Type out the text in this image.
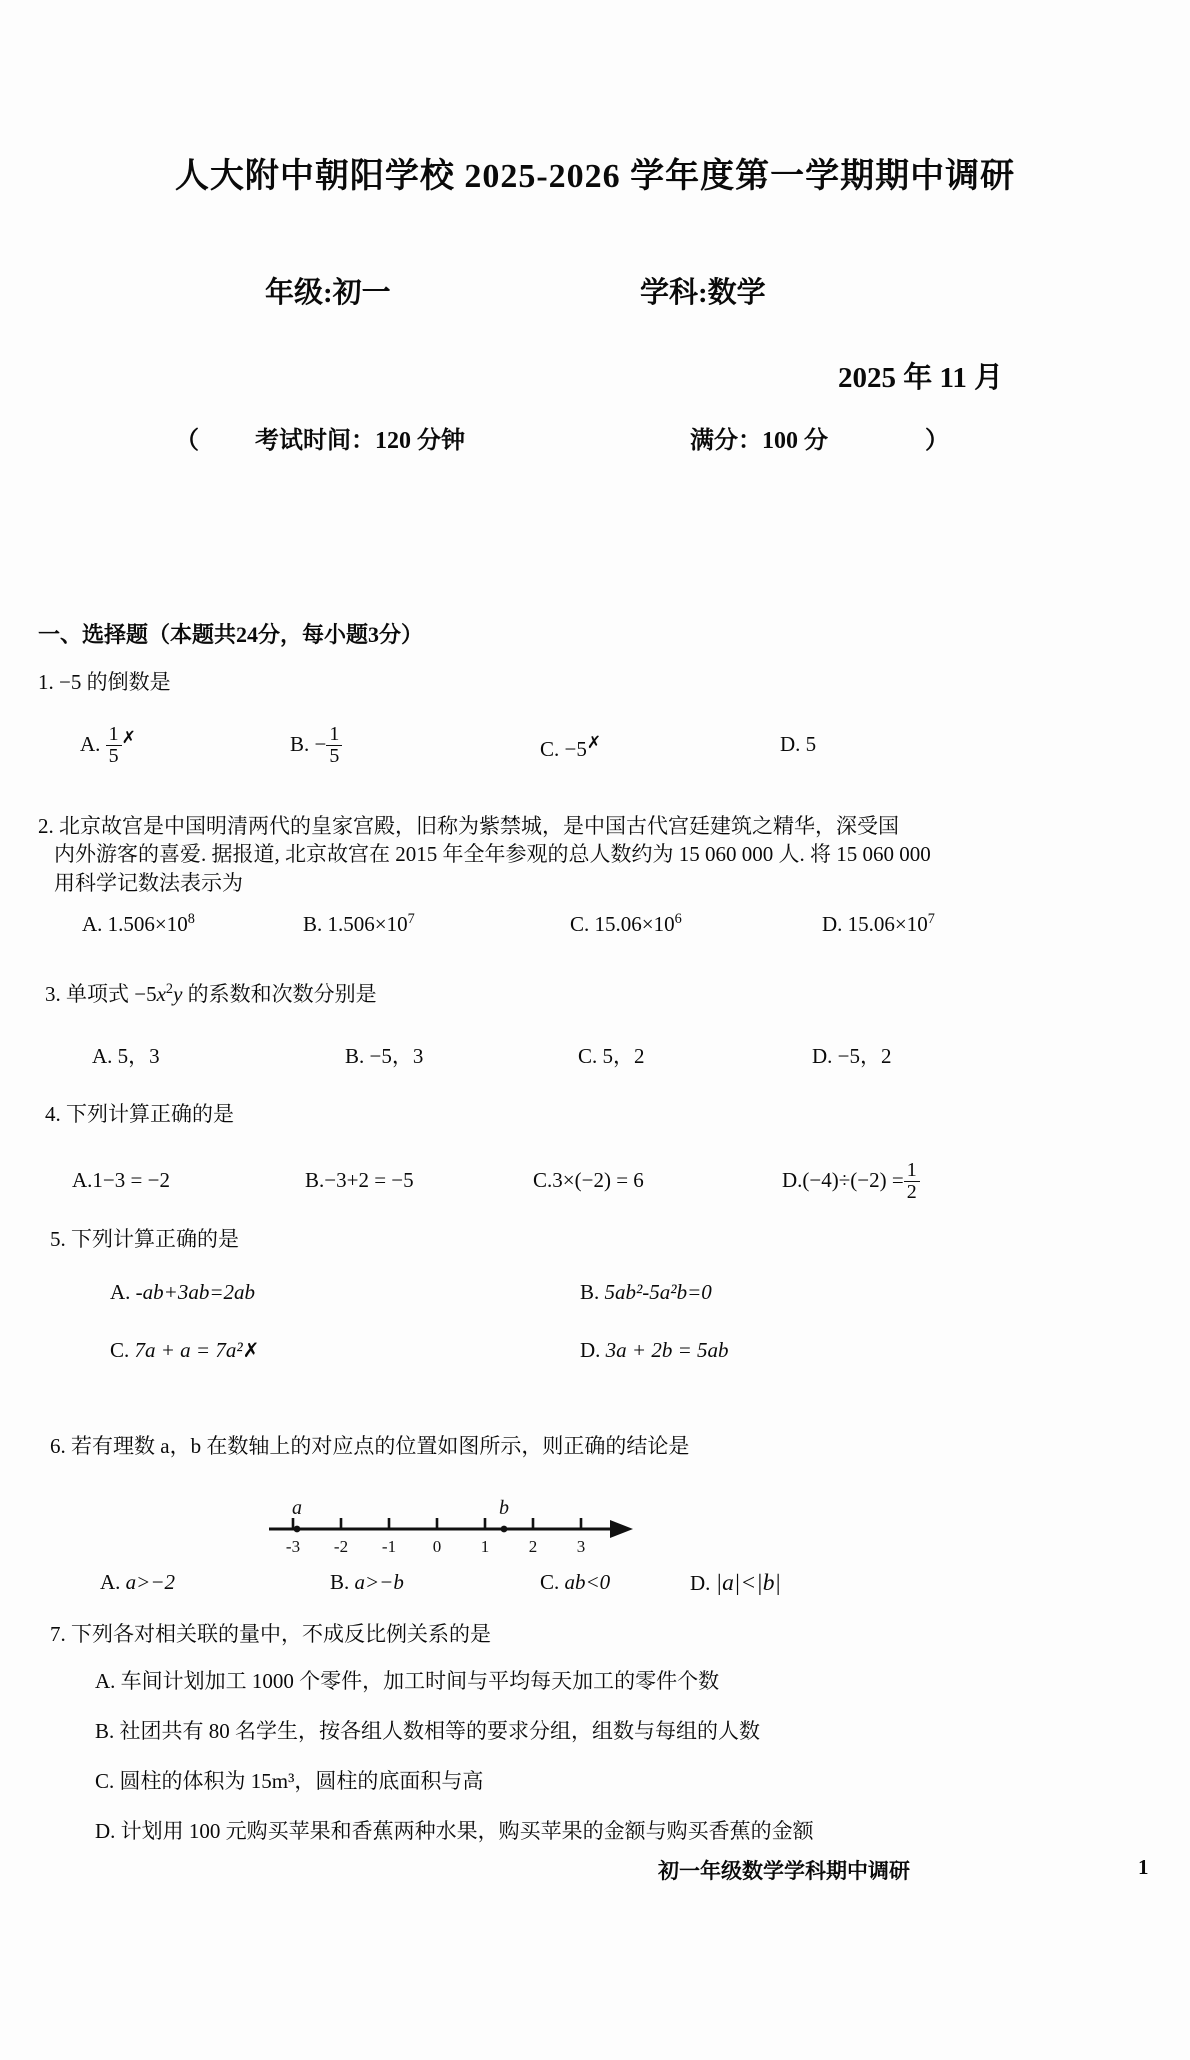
人大附中朝阳学校 2025-2026 学年度第一学期期中调研
年级:初一	学科:数学
2025 年 11 月
（ 考试时间：120 分钟	满分：100 分	）
一、选择题（本题共24分，每小题3分）
1. −5 的倒数是
A. $\frac{1}{5} ^✗$	B. − $\frac{1}{5}$	C. −5✗	D. 5
2. 北京故宫是中国明清两代的皇家宫殿，旧称为紫禁城，是中国古代宫廷建筑之精华，深受国
内外游客的喜爱. 据报道, 北京故宫在 2015 年全年参观的总人数约为 15 060 000 人. 将 15 060 000
用科学记数法表示为
A. $1.506\times 10^8$	B. $1.506\times 10^7$	C. $15.06\times 10^6$	D. $15.06\times 10^7$
3. 单项式 $-5x^2y$ 的系数和次数分别是
A. 5，3	B. −5，3	C. 5，2	D. −5，2
4. 下列计算正确的是
A.1−3 = −2	B.−3+2 = −5	C.3×(−2) = 6	$D.(-4)\div(-2) = \frac{1}{2}$
5. 下列计算正确的是
A. -ab+3ab=2ab	B. 5ab²-5a²b=0
C. 7a + a = 7a²✗	D. 3a + 2b = 5ab
6. 若有理数 a，b 在数轴上的对应点的位置如图所示，则正确的结论是
-3 -2 -1 0 1 2 3
a	b
A. a>−2	B. a>−b	C. ab<0	D. |a|<|b|
7. 下列各对相关联的量中，不成反比例关系的是
A. 车间计划加工 1000 个零件，加工时间与平均每天加工的零件个数
B. 社团共有 80 名学生，按各组人数相等的要求分组，组数与每组的人数
C. 圆柱的体积为 15m³，圆柱的底面积与高
D. 计划用 100 元购买苹果和香蕉两种水果，购买苹果的金额与购买香蕉的金额
初一年级数学学科期中调研	1
